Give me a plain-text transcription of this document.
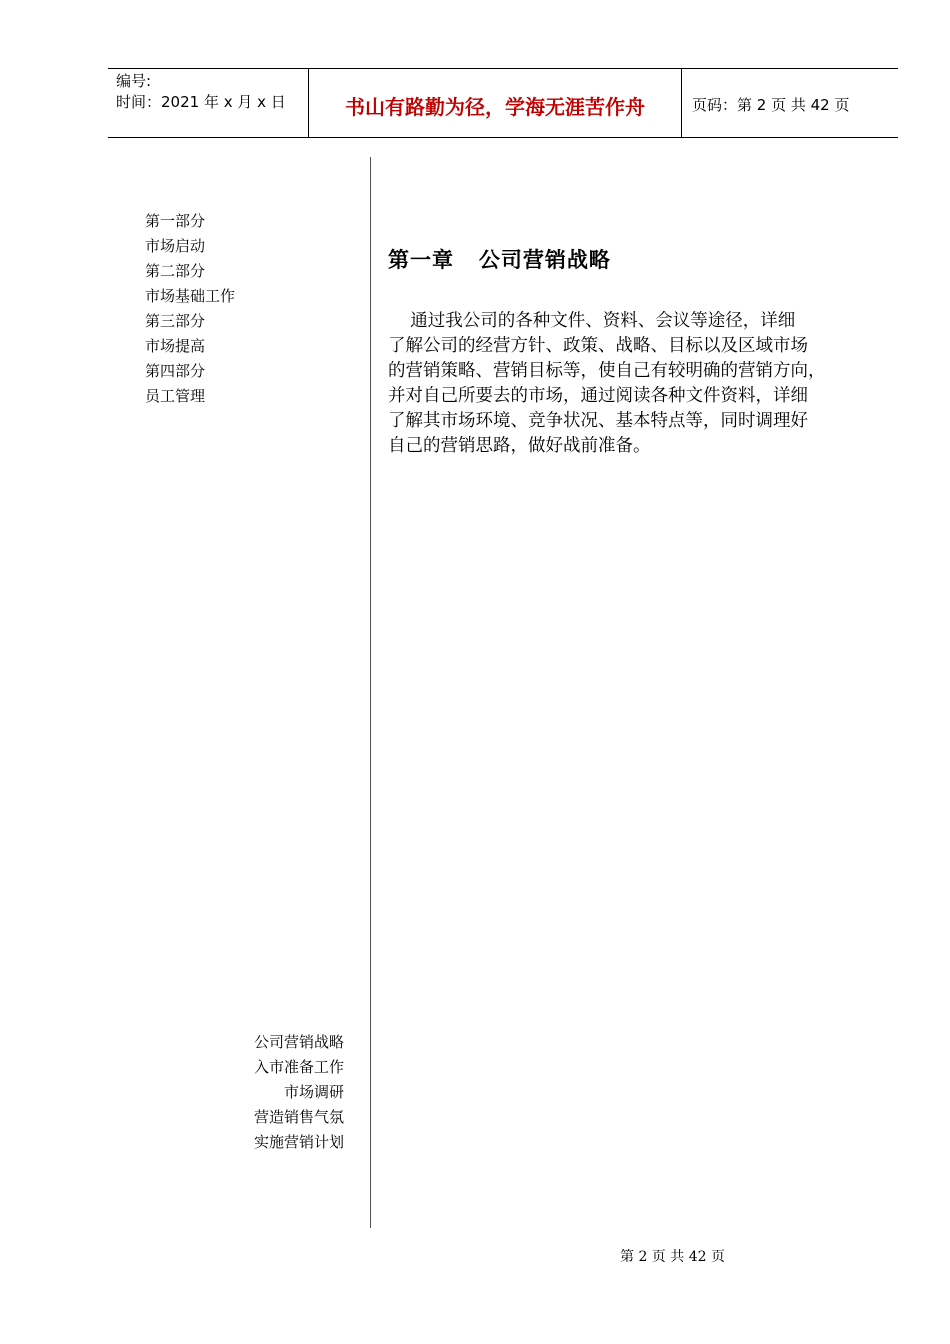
编号:
时间：2021 年 x 月 x 日	书山有路勤为径，学海无涯苦作舟	页码：第 2 页 共 42 页
第一部分
市场启动
第二部分
市场基础工作
第三部分
市场提高
第四部分
员工管理
公司营销战略
入市准备工作
市场调研
营造销售气氛
实施营销计划
第一章   公司营销战略
通过我公司的各种文件、资料、会议等途径，详细
了解公司的经营方针、政策、战略、目标以及区域市场
的营销策略、营销目标等，使自己有较明确的营销方向，
并对自己所要去的市场，通过阅读各种文件资料，详细
了解其市场环境、竞争状况、基本特点等，同时调理好
自己的营销思路，做好战前准备。
第 2 页 共 42 页
